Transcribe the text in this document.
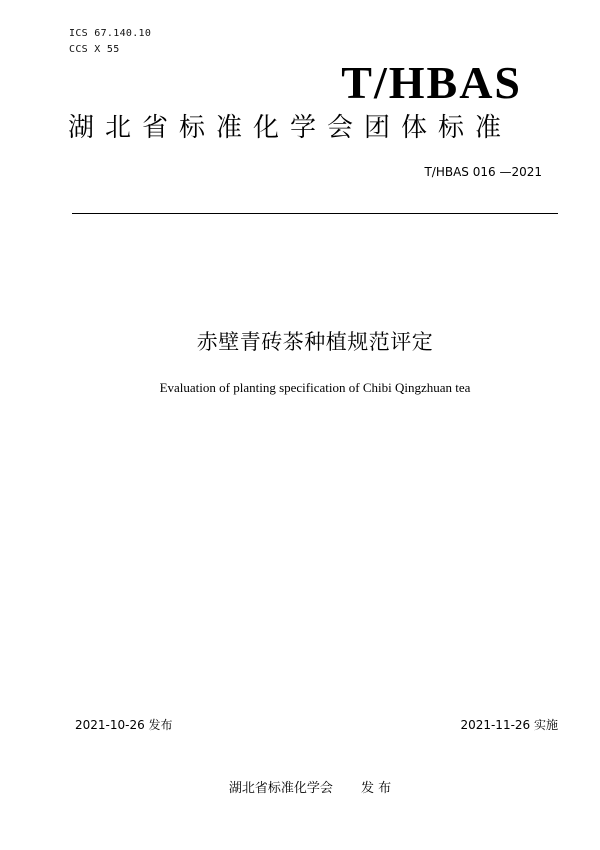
ICS 67.140.10
CCS X 55
T/HBAS
湖北省标准化学会团体标准
T/HBAS 016 —2021
赤壁青砖茶种植规范评定
Evaluation of planting specification of Chibi Qingzhuan tea
2021-10-26 发布	2021-11-26 实施
湖北省标准化学会 发 布
